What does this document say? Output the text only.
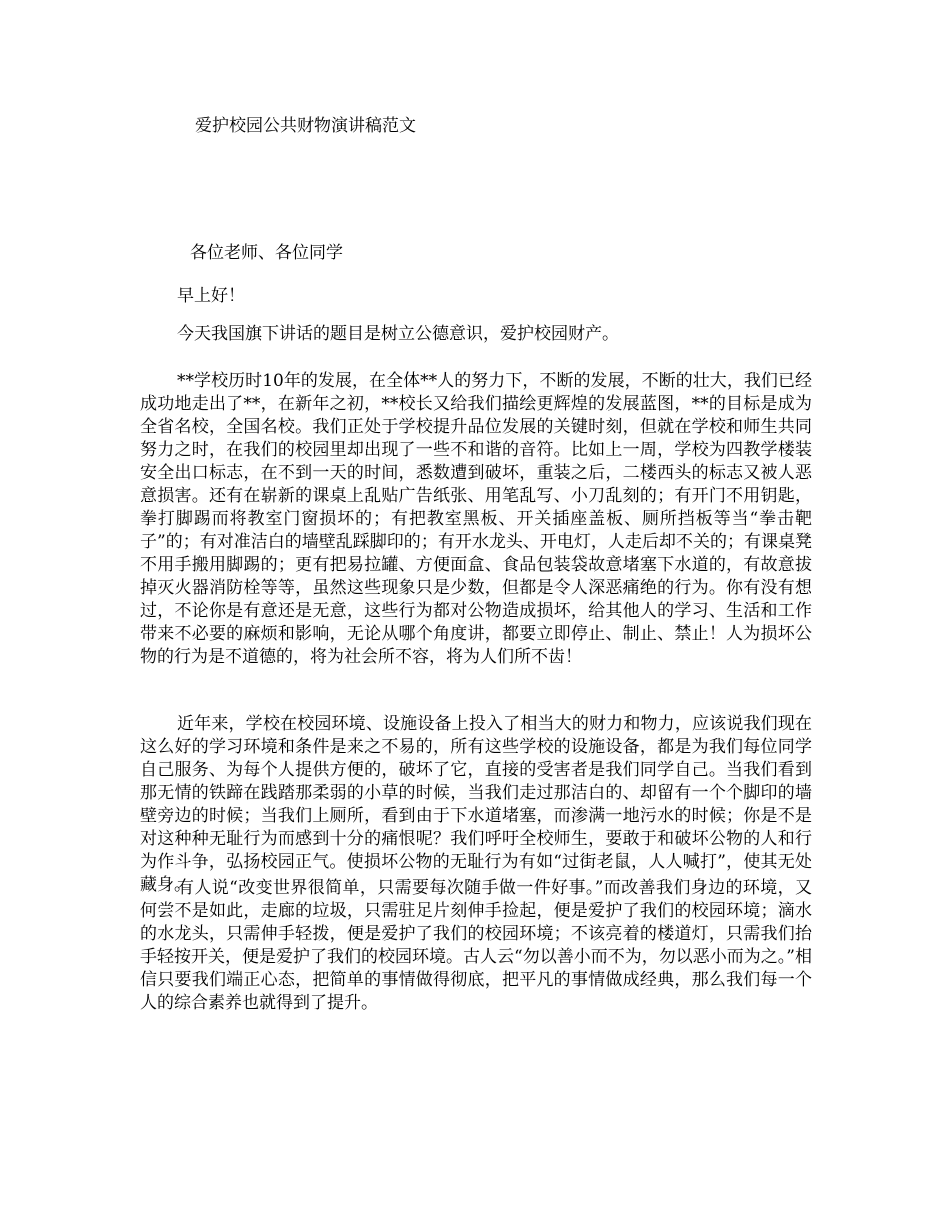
爱护校园公共财物演讲稿范文
各位老师、各位同学
早上好！

今天我国旗下讲话的题目是树立公德意识，爱护校园财产。

**学校历时10年的发展，在全体**人的努力下，不断的发展，不断的壮大，我们已经成功地走出了**，在新年之初，**校长又给我们描绘更辉煌的发展蓝图，**的目标是成为全省名校，全国名校。我们正处于学校提升品位发展的关键时刻，但就在学校和师生共同努力之时，在我们的校园里却出现了一些不和谐的音符。比如上一周，学校为四教学楼装安全出口标志，在不到一天的时间，悉数遭到破坏，重装之后，二楼西头的标志又被人恶意损害。还有在崭新的课桌上乱贴广告纸张、用笔乱写、小刀乱刻的；有开门不用钥匙，拳打脚踢而将教室门窗损坏的；有把教室黑板、开关插座盖板、厕所挡板等当“拳击靶子”的；有对准洁白的墙壁乱踩脚印的；有开水龙头、开电灯，人走后却不关的；有课桌凳不用手搬用脚踢的；更有把易拉罐、方便面盒、食品包装袋故意堵塞下水道的，有故意拔掉灭火器消防栓等等，虽然这些现象只是少数，但都是令人深恶痛绝的行为。你有没有想过，不论你是有意还是无意，这些行为都对公物造成损坏，给其他人的学习、生活和工作带来不必要的麻烦和影响，无论从哪个角度讲，都要立即停止、制止、禁止！人为损坏公物的行为是不道德的，将为社会所不容，将为人们所不齿！

近年来，学校在校园环境、设施设备上投入了相当大的财力和物力，应该说我们现在这么好的学习环境和条件是来之不易的，所有这些学校的设施设备，都是为我们每位同学自己服务、为每个人提供方便的，破坏了它，直接的受害者是我们同学自己。当我们看到那无情的铁蹄在践踏那柔弱的小草的时候，当我们走过那洁白的、却留有一个个脚印的墙壁旁边的时候；当我们上厕所，看到由于下水道堵塞，而渗满一地污水的时候；你是不是对这种种无耻行为而感到十分的痛恨呢？我们呼吁全校师生，要敢于和破坏公物的人和行为作斗争，弘扬校园正气。使损坏公物的无耻行为有如“过街老鼠，人人喊打”，使其无处藏身。

有人说“改变世界很简单，只需要每次随手做一件好事。”而改善我们身边的环境，又何尝不是如此，走廊的垃圾，只需驻足片刻伸手捡起，便是爱护了我们的校园环境；滴水的水龙头，只需伸手轻拨，便是爱护了我们的校园环境；不该亮着的楼道灯，只需我们抬手轻按开关，便是爱护了我们的校园环境。古人云“勿以善小而不为，勿以恶小而为之。”相信只要我们端正心态，把简单的事情做得彻底，把平凡的事情做成经典，那么我们每一个人的综合素养也就得到了提升。
